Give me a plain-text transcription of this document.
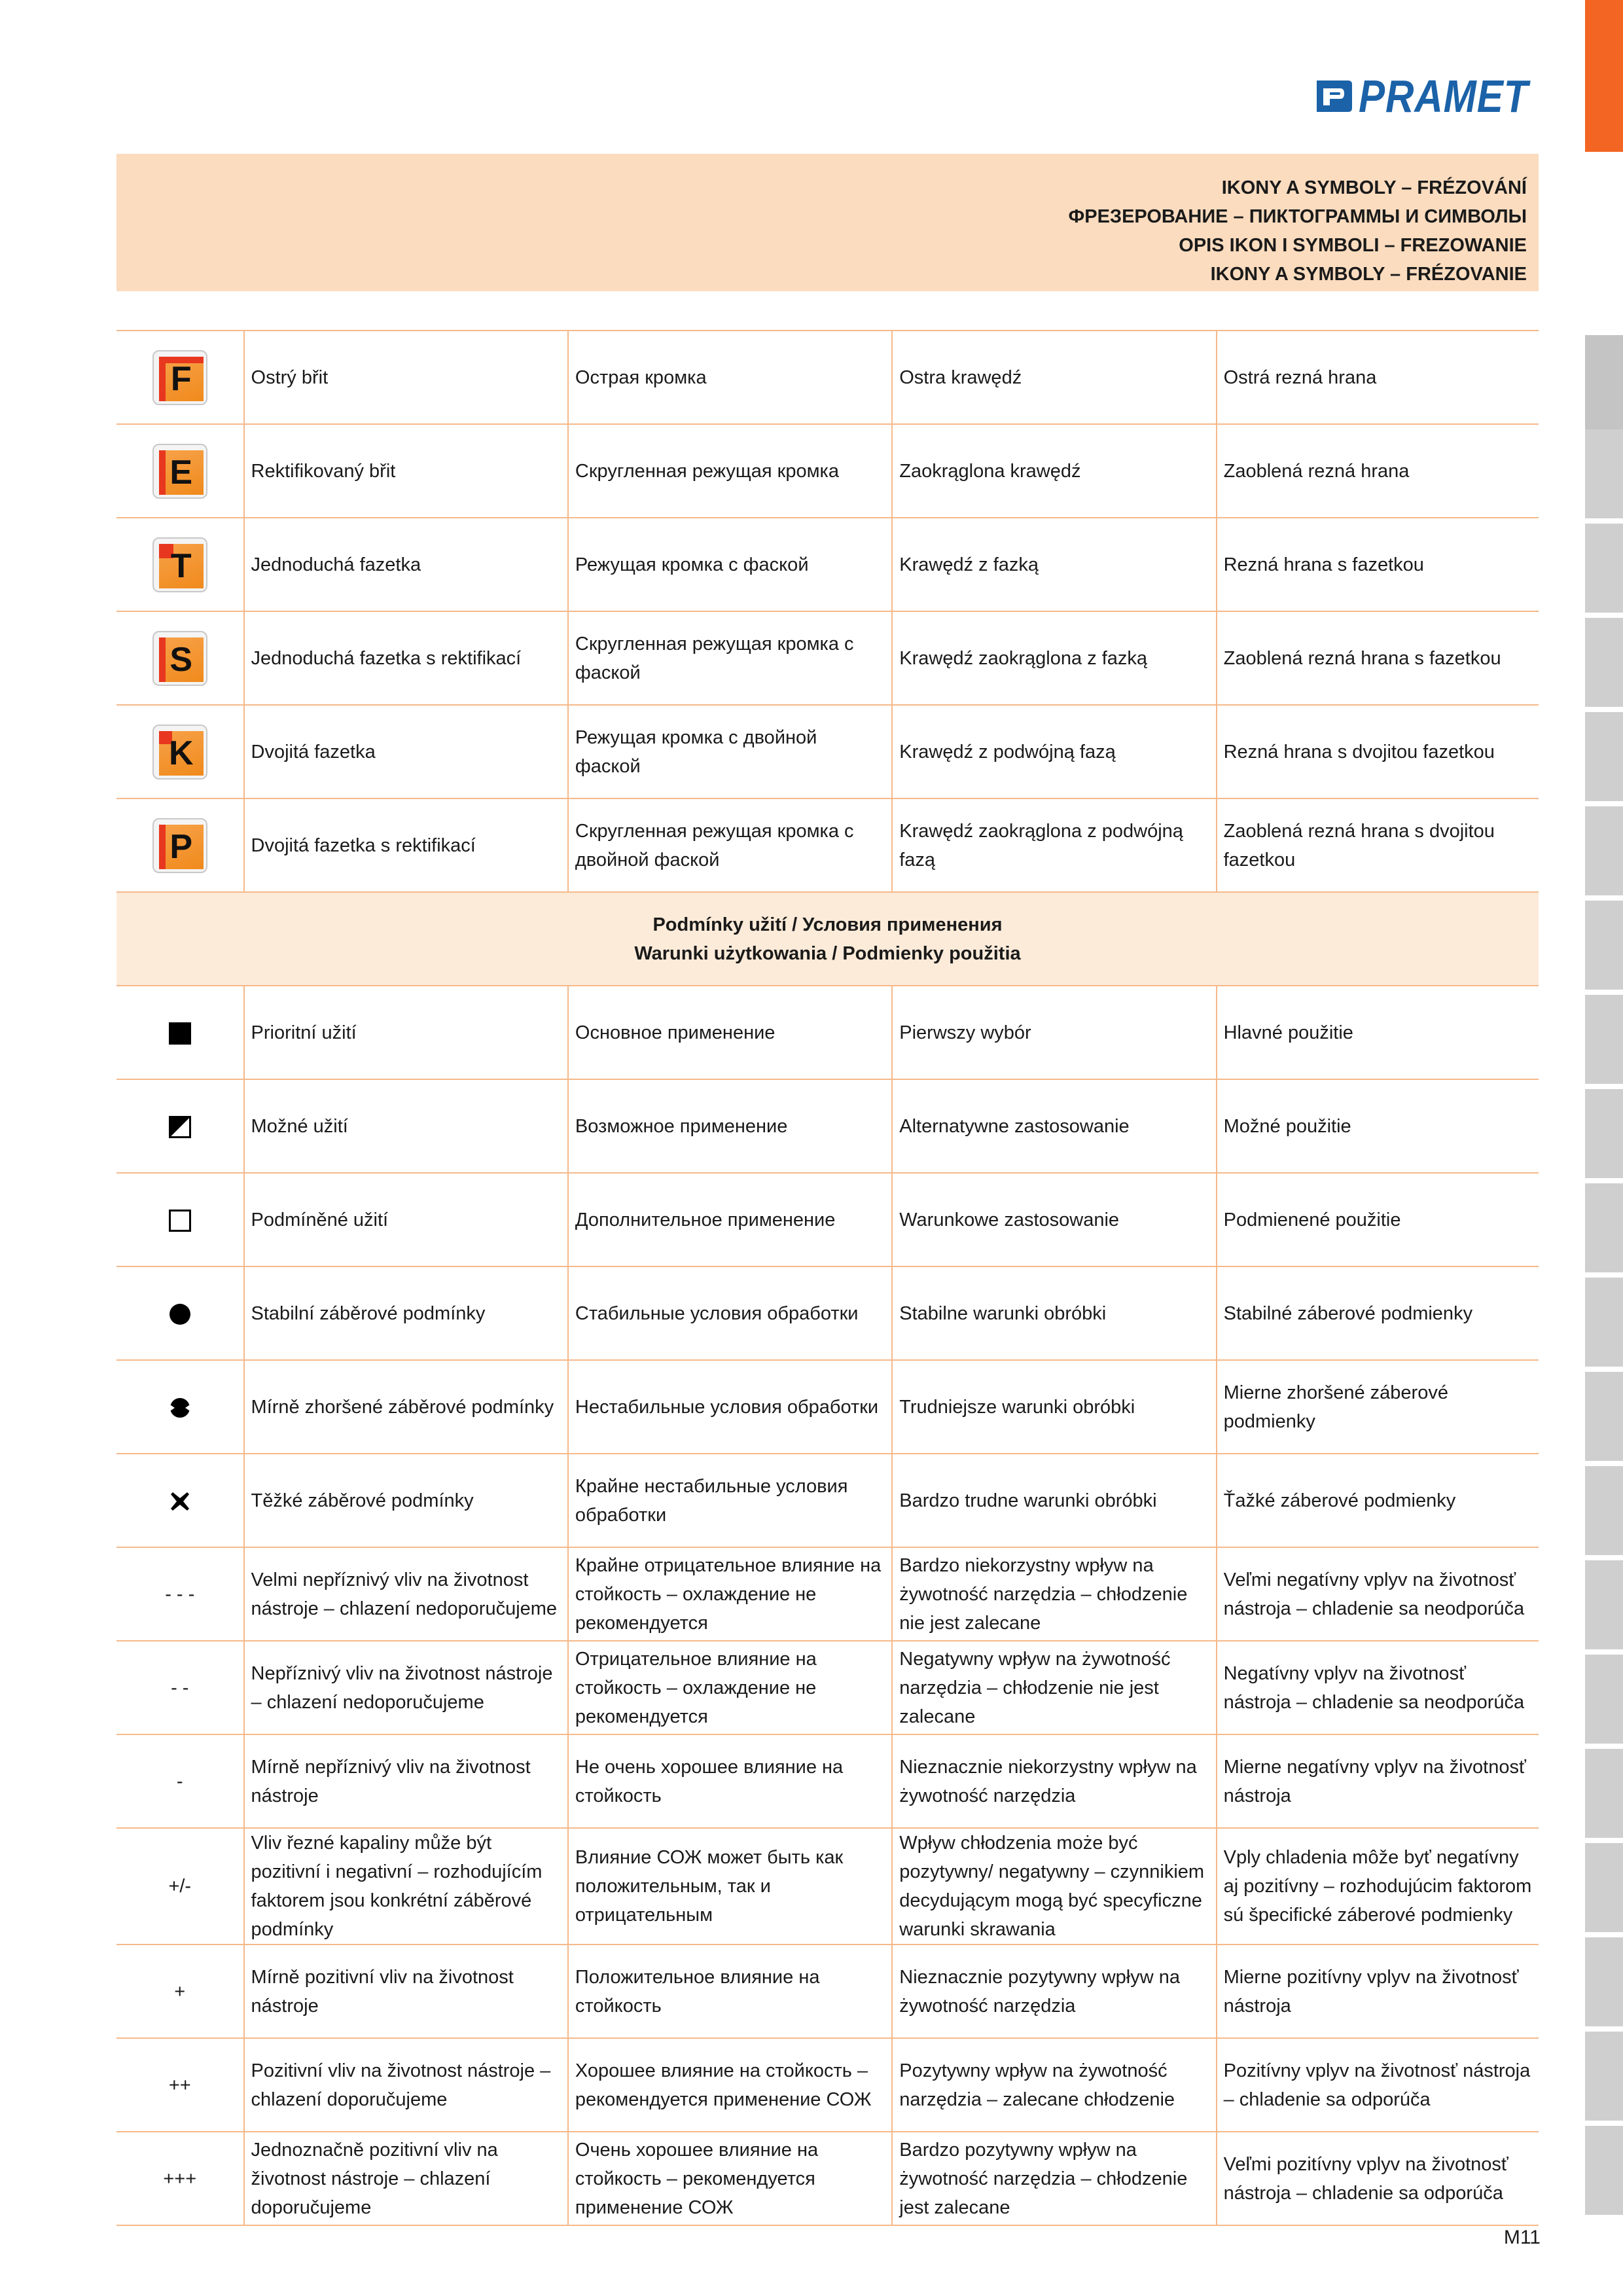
PRAMET
IKONY A SYMBOLY – FRÉZOVÁNÍ
ФРЕЗЕРОВАНИЕ – ПИКТОГРАММЫ И СИМВОЛЫ
OPIS IKON I SYMBOLI – FREZOWANIE
IKONY A SYMBOLY – FRÉZOVANIE
F	Ostrý břit	Острая кромка	Ostra krawędź	Ostrá rezná hrana

E	Rektifikovaný břit	Скругленная режущая кромка	Zaokrąglona krawędź	Zaoblená rezná hrana

T	Jednoduchá fazetka	Режущая кромка с фаской	Krawędź z fazką	Rezná hrana s fazetkou

S	Jednoduchá fazetka s rektifikací	Скругленная режущая кромка с фаской	Krawędź zaokrąglona z fazką	Zaoblená rezná hrana s fazetkou

K	Dvojitá fazetka	Режущая кромка с двойной фаской	Krawędź z podwójną fazą	Rezná hrana s dvojitou fazetkou

P	Dvojitá fazetka s rektifikací	Скругленная режущая кромка с двойной фаской	Krawędź zaokrąglona z podwójną fazą	Zaoblená rezná hrana s dvojitou fazetkou

Podmínky užití / Условия применения
Warunki użytkowania / Podmienky použitia				

	Prioritní užití	Основное применение	Pierwszy wybór	Hlavné použitie
	Možné užití	Возможное применение	Alternatywne zastosowanie	Možné použitie
	Podmíněné užití	Дополнительное применение	Warunkowe zastosowanie	Podmienené použitie
	Stabilní záběrové podmínky	Стабильные условия обработки	Stabilne warunki obróbki	Stabilné záberové podmienky
	Mírně zhoršené záběrové podmínky	Нестабильные условия обработки	Trudniejsze warunki obróbki	Mierne zhoršené záberové podmienky
	Těžké záběrové podmínky	Крайне нестабильные условия обработки	Bardzo trudne warunki obróbki	Ťažké záberové podmienky
- - -	Velmi nepříznivý vliv na životnost nástroje – chlazení nedoporučujeme	Крайне отрицательное влияние на стойкость – охлаждение не рекомендуется	Bardzo niekorzystny wpływ na żywotność narzędzia – chłodzenie nie jest zalecane	Veľmi negatívny vplyv na životnosť nástroja – chladenie sa neodporúča
- -	Nepříznivý vliv na životnost nástroje – chlazení nedoporučujeme	Отрицательное влияние на стойкость – охлаждение не рекомендуется	Negatywny wpływ na żywotność narzędzia – chłodzenie nie jest zalecane	Negatívny vplyv na životnosť nástroja – chladenie sa neodporúča
-	Mírně nepříznivý vliv na životnost nástroje	Не очень хорошее влияние на стойкость	Nieznacznie niekorzystny wpływ na żywotność narzędzia	Mierne negatívny vplyv na životnosť nástroja
+/-	Vliv řezné kapaliny může být pozitivní i negativní – rozhodujícím faktorem jsou konkrétní záběrové podmínky	Влияние СОЖ может быть как положительным, так и отрицательным	Wpływ chłodzenia może być pozytywny/ negatywny – czynnikiem decydującym mogą być specyficzne warunki skrawania	Vply chladenia môže byť negatívny aj pozitívny – rozhodujúcim faktorom sú špecifické záberové podmienky
+	Mírně pozitivní vliv na životnost nástroje	Положительное влияние на стойкость	Nieznacznie pozytywny wpływ na żywotność narzędzia	Mierne pozitívny vplyv na životnosť nástroja
++	Pozitivní vliv na životnost nástroje – chlazení doporučujeme	Хорошее влияние на стойкость – рекомендуется применение СОЖ	Pozytywny wpływ na żywotność narzędzia – zalecane chłodzenie	Pozitívny vplyv na životnosť nástroja – chladenie sa odporúča
+++	Jednoznačně pozitivní vliv na životnost nástroje – chlazení doporučujeme	Очень хорошее влияние на стойкость – рекомендуется применение СОЖ	Bardzo pozytywny wpływ na żywotność narzędzia – chłodzenie jest zalecane	Veľmi pozitívny vplyv na životnosť nástroja – chladenie sa odporúča
M11
